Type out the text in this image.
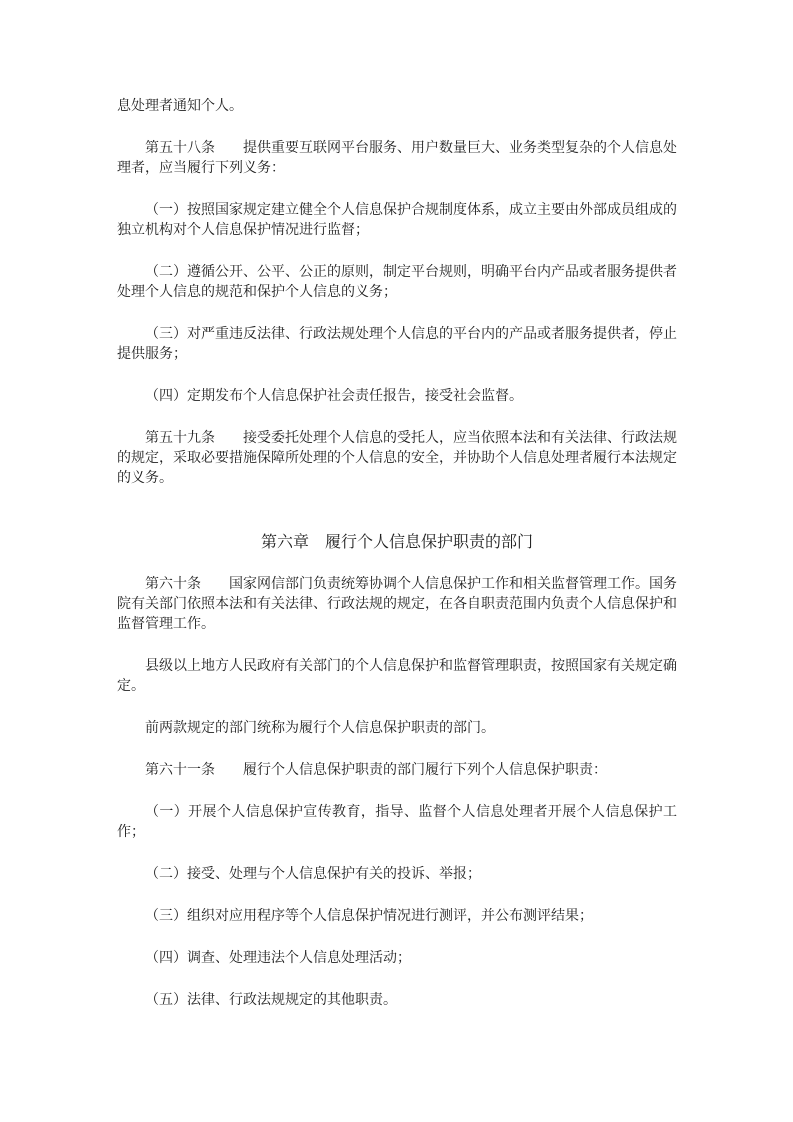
息处理者通知个人。

第五十八条　　提供重要互联网平台服务、用户数量巨大、业务类型复杂的个人信息处理者，应当履行下列义务：

（一）按照国家规定建立健全个人信息保护合规制度体系，成立主要由外部成员组成的独立机构对个人信息保护情况进行监督；

（二）遵循公开、公平、公正的原则，制定平台规则，明确平台内产品或者服务提供者处理个人信息的规范和保护个人信息的义务；

（三）对严重违反法律、行政法规处理个人信息的平台内的产品或者服务提供者，停止提供服务；

（四）定期发布个人信息保护社会责任报告，接受社会监督。

第五十九条　　接受委托处理个人信息的受托人，应当依照本法和有关法律、行政法规的规定，采取必要措施保障所处理的个人信息的安全，并协助个人信息处理者履行本法规定的义务。

第六章　履行个人信息保护职责的部门

第六十条　　国家网信部门负责统筹协调个人信息保护工作和相关监督管理工作。国务院有关部门依照本法和有关法律、行政法规的规定，在各自职责范围内负责个人信息保护和监督管理工作。

县级以上地方人民政府有关部门的个人信息保护和监督管理职责，按照国家有关规定确定。

前两款规定的部门统称为履行个人信息保护职责的部门。

第六十一条　　履行个人信息保护职责的部门履行下列个人信息保护职责：

（一）开展个人信息保护宣传教育，指导、监督个人信息处理者开展个人信息保护工作；

（二）接受、处理与个人信息保护有关的投诉、举报；

（三）组织对应用程序等个人信息保护情况进行测评，并公布测评结果；

（四）调查、处理违法个人信息处理活动；

（五）法律、行政法规规定的其他职责。
